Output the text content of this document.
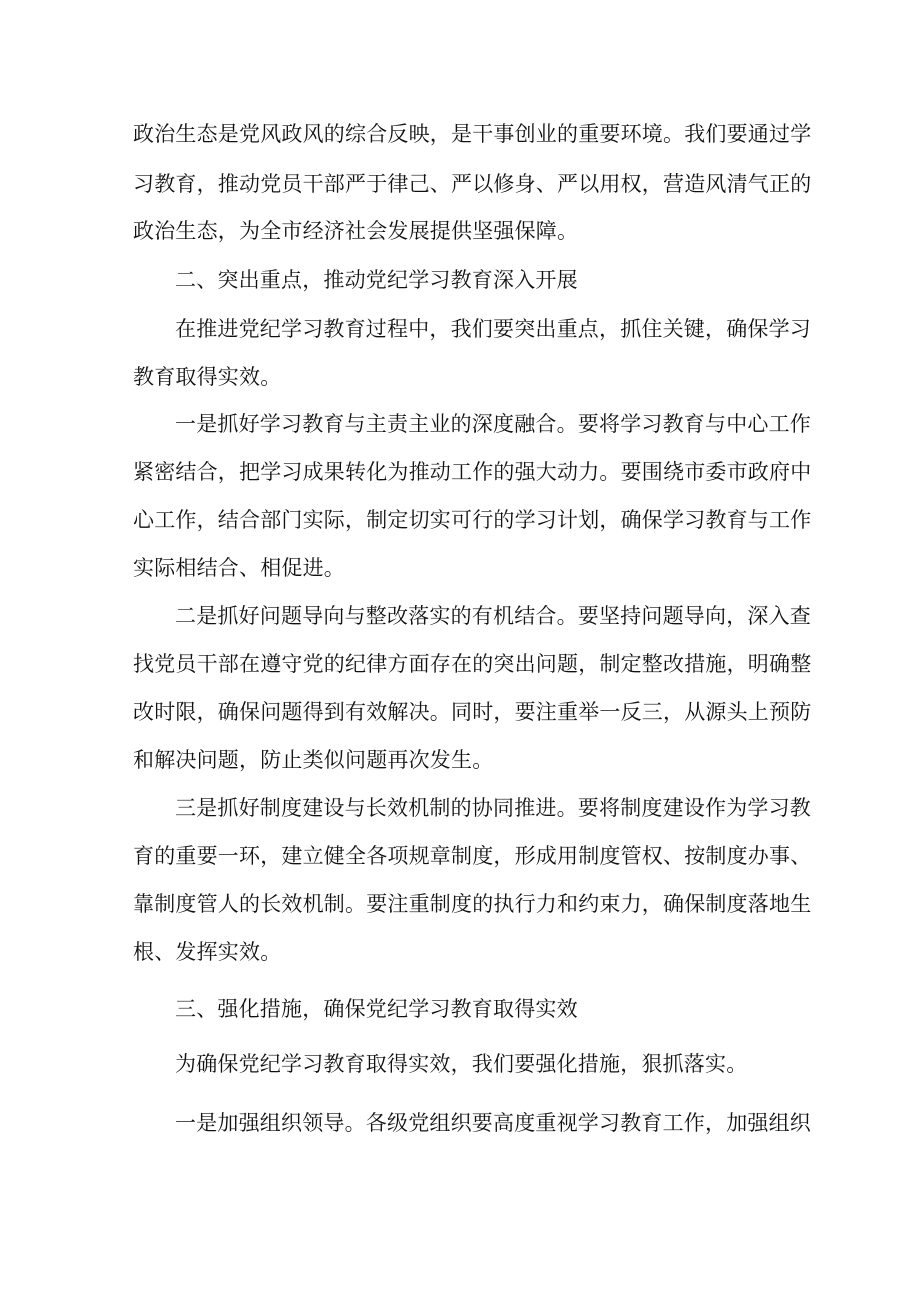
政治生态是党风政风的综合反映，是干事创业的重要环境。我们要通过学
习教育，推动党员干部严于律己、严以修身、严以用权，营造风清气正的
政治生态，为全市经济社会发展提供坚强保障。
二、突出重点，推动党纪学习教育深入开展
在推进党纪学习教育过程中，我们要突出重点，抓住关键，确保学习
教育取得实效。
一是抓好学习教育与主责主业的深度融合。要将学习教育与中心工作
紧密结合，把学习成果转化为推动工作的强大动力。要围绕市委市政府中
心工作，结合部门实际，制定切实可行的学习计划，确保学习教育与工作
实际相结合、相促进。
二是抓好问题导向与整改落实的有机结合。要坚持问题导向，深入查
找党员干部在遵守党的纪律方面存在的突出问题，制定整改措施，明确整
改时限，确保问题得到有效解决。同时，要注重举一反三，从源头上预防
和解决问题，防止类似问题再次发生。
三是抓好制度建设与长效机制的协同推进。要将制度建设作为学习教
育的重要一环，建立健全各项规章制度，形成用制度管权、按制度办事、
靠制度管人的长效机制。要注重制度的执行力和约束力，确保制度落地生
根、发挥实效。
三、强化措施，确保党纪学习教育取得实效
为确保党纪学习教育取得实效，我们要强化措施，狠抓落实。
一是加强组织领导。各级党组织要高度重视学习教育工作，加强组织
